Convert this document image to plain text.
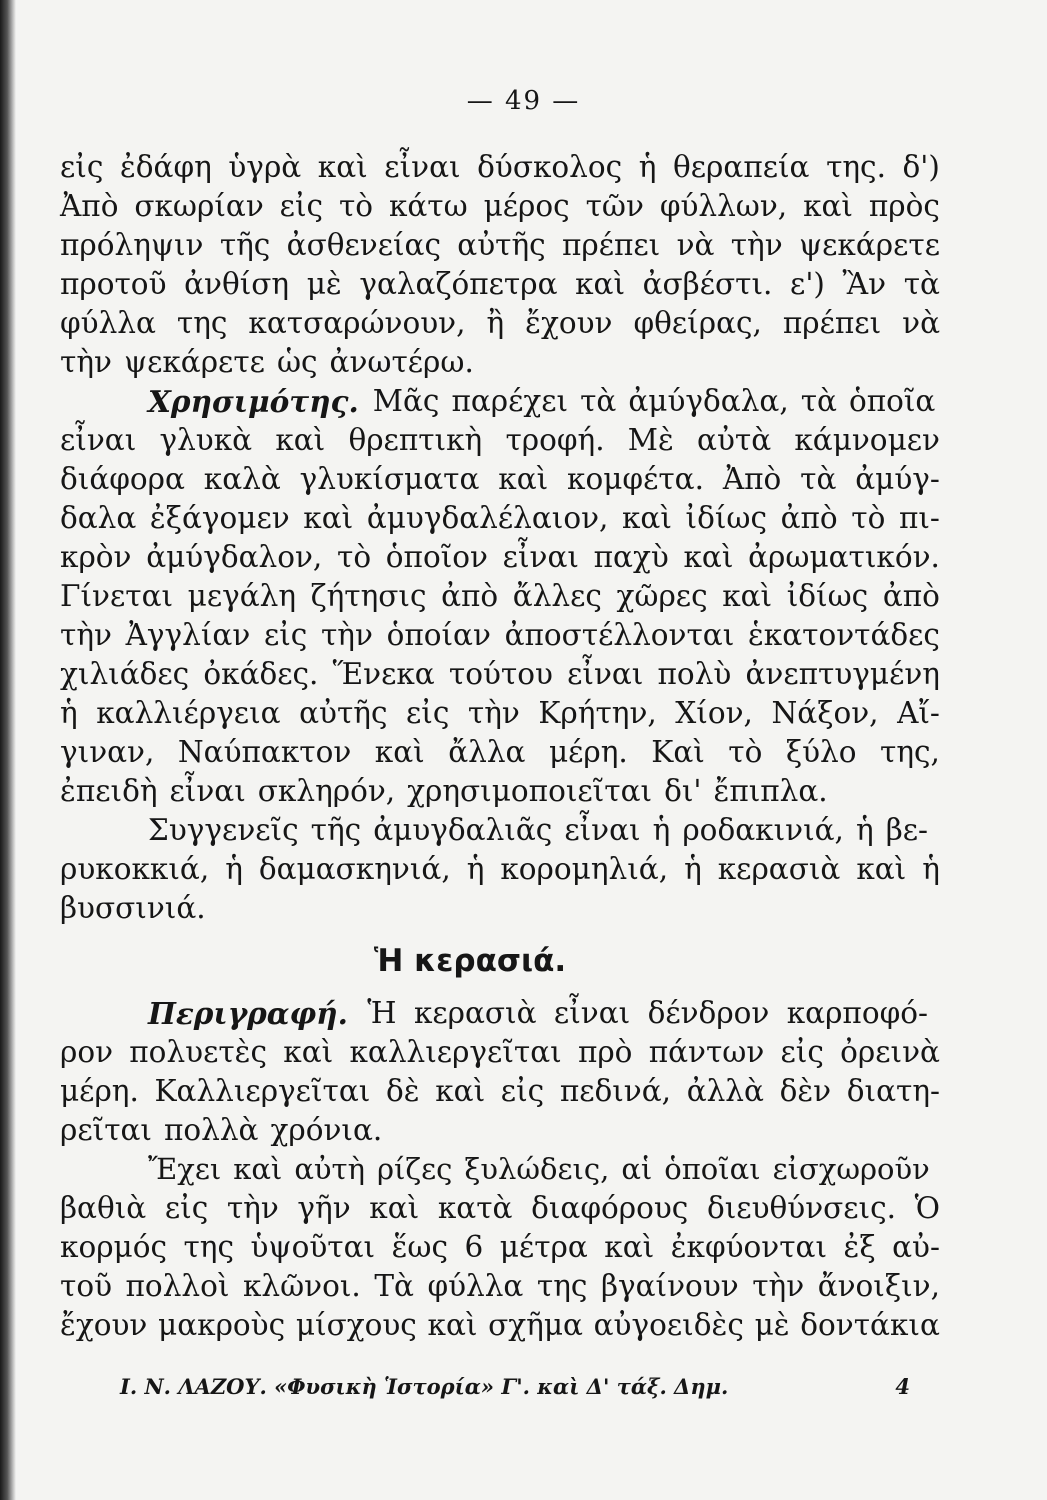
— 49 —
εἰς ἐδάφη ὑγρὰ καὶ εἶναι δύσκολος ἡ θεραπεία της. δ')
Ἀπὸ σκωρίαν εἰς τὸ κάτω μέρος τῶν φύλλων, καὶ πρὸς
πρόληψιν τῆς ἀσθενείας αὐτῆς πρέπει νὰ τὴν ψεκάρετε
προτοῦ ἀνθίση μὲ γαλαζόπετρα καὶ ἀσβέστι. ε') Ἂν τὰ
φύλλα της κατσαρώνουν, ἢ ἔχουν φθείρας, πρέπει νὰ
τὴν ψεκάρετε ὡς ἀνωτέρω.
Χρησιμότης. Μᾶς παρέχει τὰ ἀμύγδαλα, τὰ ὁποῖα
εἶναι γλυκὰ καὶ θρεπτικὴ τροφή. Μὲ αὐτὰ κάμνομεν
διάφορα καλὰ γλυκίσματα καὶ κομφέτα. Ἀπὸ τὰ ἀμύγ-
δαλα ἐξάγομεν καὶ ἀμυγδαλέλαιον, καὶ ἰδίως ἀπὸ τὸ πι-
κρὸν ἀμύγδαλον, τὸ ὁποῖον εἶναι παχὺ καὶ ἀρωματικόν.
Γίνεται μεγάλη ζήτησις ἀπὸ ἄλλες χῶρες καὶ ἰδίως ἀπὸ
τὴν Ἀγγλίαν εἰς τὴν ὁποίαν ἀποστέλλονται ἑκατοντάδες
χιλιάδες ὀκάδες. Ἕνεκα τούτου εἶναι πολὺ ἀνεπτυγμένη
ἡ καλλιέργεια αὐτῆς εἰς τὴν Κρήτην, Χίον, Νάξον, Αἴ-
γιναν, Ναύπακτον καὶ ἄλλα μέρη. Καὶ τὸ ξύλο της,
ἐπειδὴ εἶναι σκληρόν, χρησιμοποιεῖται δι' ἔπιπλα.
Συγγενεῖς τῆς ἀμυγδαλιᾶς εἶναι ἡ ροδακινιά, ἡ βε-
ρυκοκκιά, ἡ δαμασκηνιά, ἡ κορομηλιά, ἡ κερασιὰ καὶ ἡ
βυσσινιά.
Ἡ κερασιά.
Περιγραφή. Ἡ κερασιὰ εἶναι δένδρον καρποφό-
ρον πολυετὲς καὶ καλλιεργεῖται πρὸ πάντων εἰς ὀρεινὰ
μέρη. Καλλιεργεῖται δὲ καὶ εἰς πεδινά, ἀλλὰ δὲν διατη-
ρεῖται πολλὰ χρόνια.
Ἔχει καὶ αὐτὴ ρίζες ξυλώδεις, αἱ ὁποῖαι εἰσχωροῦν
βαθιὰ εἰς τὴν γῆν καὶ κατὰ διαφόρους διευθύνσεις. Ὁ
κορμός της ὑψοῦται ἕως 6 μέτρα καὶ ἐκφύονται ἐξ αὐ-
τοῦ πολλοὶ κλῶνοι. Τὰ φύλλα της βγαίνουν τὴν ἄνοιξιν,
ἔχουν μακροὺς μίσχους καὶ σχῆμα αὐγοειδὲς μὲ δοντάκια
Ι. Ν. ΛΑΖΟΥ. «Φυσικὴ Ἱστορία» Γ'. καὶ Δ' τάξ. Δημ.	4
